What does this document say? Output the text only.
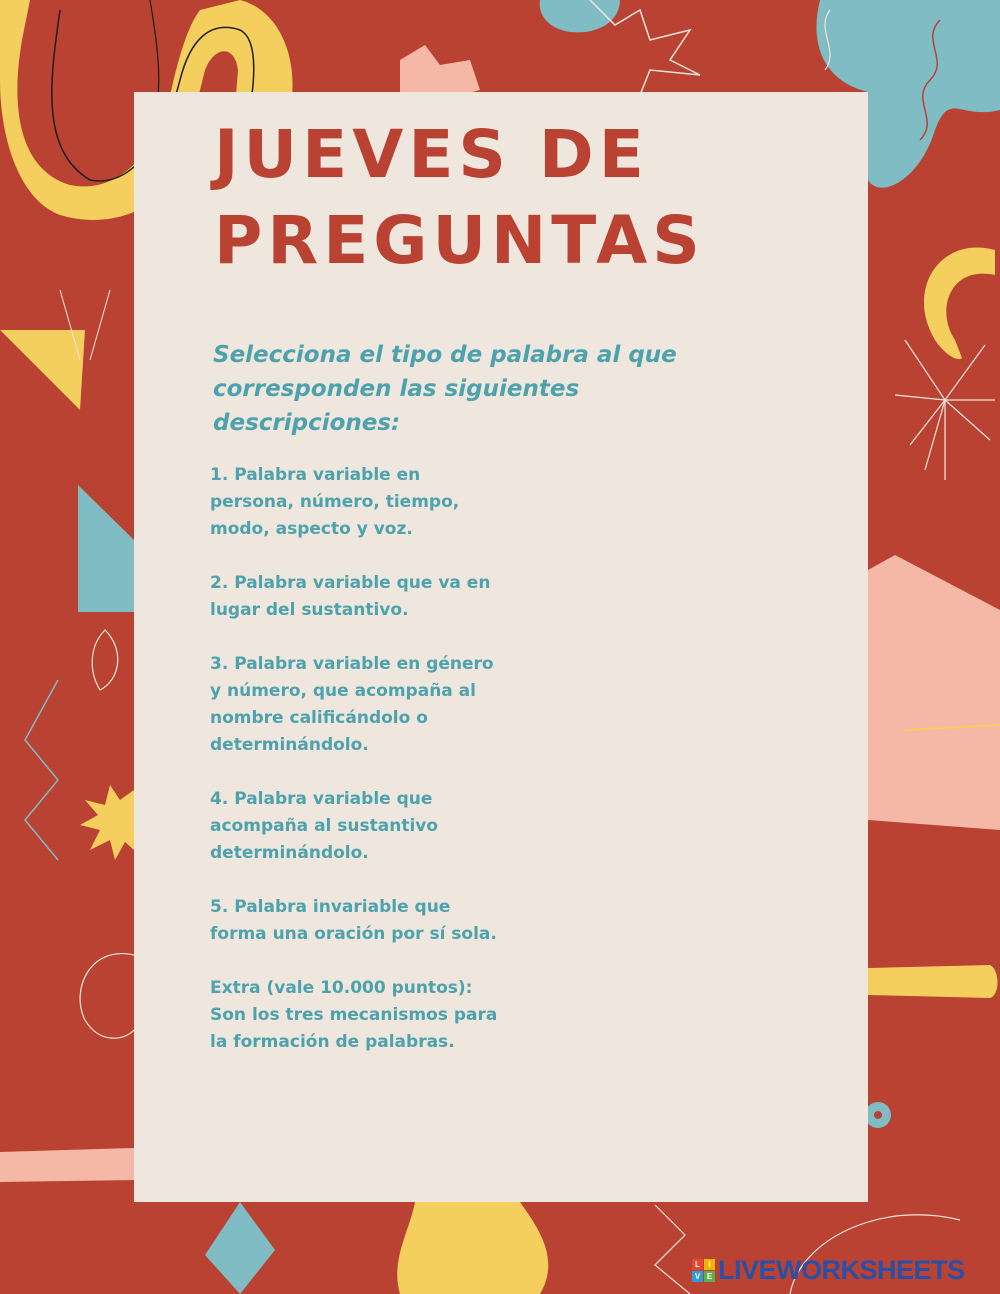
JUEVES DE
PREGUNTAS

Selecciona el tipo de palabra al que corresponden las siguientes descripciones:

1. Palabra variable en persona, número, tiempo, modo, aspecto y voz.
2. Palabra variable que va en lugar del sustantivo.
3. Palabra variable en género y número, que acompaña al nombre calificándolo o determinándolo.
4. Palabra variable que acompaña al sustantivo determinándolo.
5. Palabra invariable que forma una oración por sí sola.
Extra (vale 10.000 puntos): Son los tres mecanismos para la formación de palabras.
L	I
V E LIVEWORKSHEETS
